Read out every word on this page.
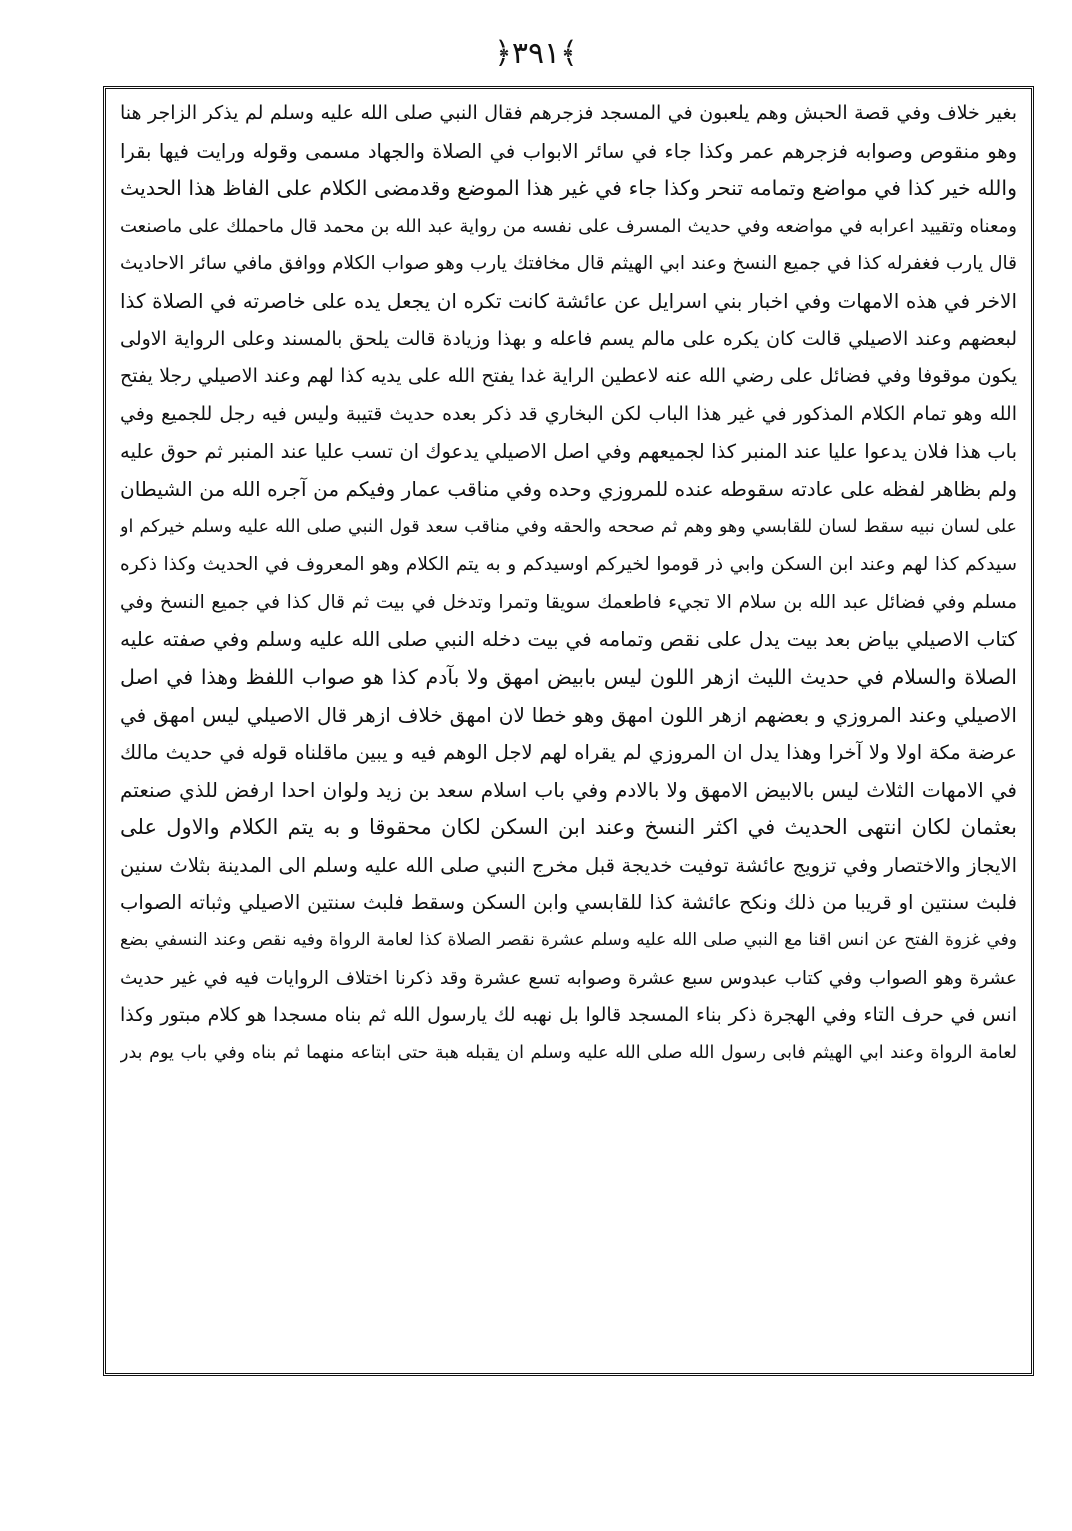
﴿٣٩١﴾
بغير خلاف وفي قصة الحبش وهم يلعبون في المسجد فزجرهم فقال النبي صلى الله عليه وسلم لم يذكر الزاجر هنا
وهو منقوص وصوابه فزجرهم عمر وكذا جاء في سائر الابواب في الصلاة والجهاد مسمى وقوله ورايت فيها بقرا
والله خير كذا في مواضع وتمامه تنحر وكذا جاء في غير هذا الموضع وقدمضى الكلام على الفاظ هذا الحديث
ومعناه وتقييد اعرابه في مواضعه وفي حديث المسرف على نفسه من رواية عبد الله بن محمد قال ماحملك على ماصنعت
قال يارب فغفرله كذا في جميع النسخ وعند ابي الهيثم قال مخافتك يارب وهو صواب الكلام ووافق مافي سائر الاحاديث
الاخر في هذه الامهات وفي اخبار بني اسرايل عن عائشة كانت تكره ان يجعل يده على خاصرته في الصلاة كذا
لبعضهم وعند الاصيلي قالت كان يكره على مالم يسم فاعله و بهذا وزيادة قالت يلحق بالمسند وعلى الرواية الاولى
يكون موقوفا وفي فضائل على رضي الله عنه لاعطين الراية غدا يفتح الله على يديه كذا لهم وعند الاصيلي رجلا يفتح
الله وهو تمام الكلام المذكور في غير هذا الباب لكن البخاري قد ذكر بعده حديث قتيبة وليس فيه رجل للجميع وفي
باب هذا فلان يدعوا عليا عند المنبر كذا لجميعهم وفي اصل الاصيلي يدعوك ان تسب عليا عند المنبر ثم حوق عليه
ولم بظاهر لفظه على عادته سقوطه عنده للمروزي وحده وفي مناقب عمار وفيكم من آجره الله من الشيطان
على لسان نبيه سقط لسان للقابسي وهو وهم ثم صححه والحقه وفي مناقب سعد قول النبي صلى الله عليه وسلم خيركم او
سيدكم كذا لهم وعند ابن السكن وابي ذر قوموا لخيركم اوسيدكم و به يتم الكلام وهو المعروف في الحديث وكذا ذكره
مسلم وفي فضائل عبد الله بن سلام الا تجيء فاطعمك سويقا وتمرا وتدخل في بيت ثم قال كذا في جميع النسخ وفي
كتاب الاصيلي بياض بعد بيت يدل على نقص وتمامه في بيت دخله النبي صلى الله عليه وسلم وفي صفته عليه
الصلاة والسلام في حديث الليث ازهر اللون ليس بابيض امهق ولا بآدم كذا هو صواب اللفظ وهذا في اصل
الاصيلي وعند المروزي و بعضهم ازهر اللون امهق وهو خطا لان امهق خلاف ازهر قال الاصيلي ليس امهق في
عرضة مكة اولا ولا آخرا وهذا يدل ان المروزي لم يقراه لهم لاجل الوهم فيه و يبين ماقلناه قوله في حديث مالك
في الامهات الثلاث ليس بالابيض الامهق ولا بالادم وفي باب اسلام سعد بن زيد ولوان احدا ارفض للذي صنعتم
بعثمان لكان انتهى الحديث في اكثر النسخ وعند ابن السكن لكان محقوقا و به يتم الكلام والاول على
الايجاز والاختصار وفي تزويج عائشة توفيت خديجة قبل مخرج النبي صلى الله عليه وسلم الى المدينة بثلاث سنين
فلبث سنتين او قريبا من ذلك ونكح عائشة كذا للقابسي وابن السكن وسقط فلبث سنتين الاصيلي وثباته الصواب
وفي غزوة الفتح عن انس اقنا مع النبي صلى الله عليه وسلم عشرة نقصر الصلاة كذا لعامة الرواة وفيه نقص وعند النسفي بضع
عشرة وهو الصواب وفي كتاب عبدوس سبع عشرة وصوابه تسع عشرة وقد ذكرنا اختلاف الروايات فيه في غير حديث
انس في حرف التاء وفي الهجرة ذكر بناء المسجد قالوا بل نهبه لك يارسول الله ثم بناه مسجدا هو كلام مبتور وكذا
لعامة الرواة وعند ابي الهيثم فابى رسول الله صلى الله عليه وسلم ان يقبله هبة حتى ابتاعه منهما ثم بناه وفي باب يوم بدر
